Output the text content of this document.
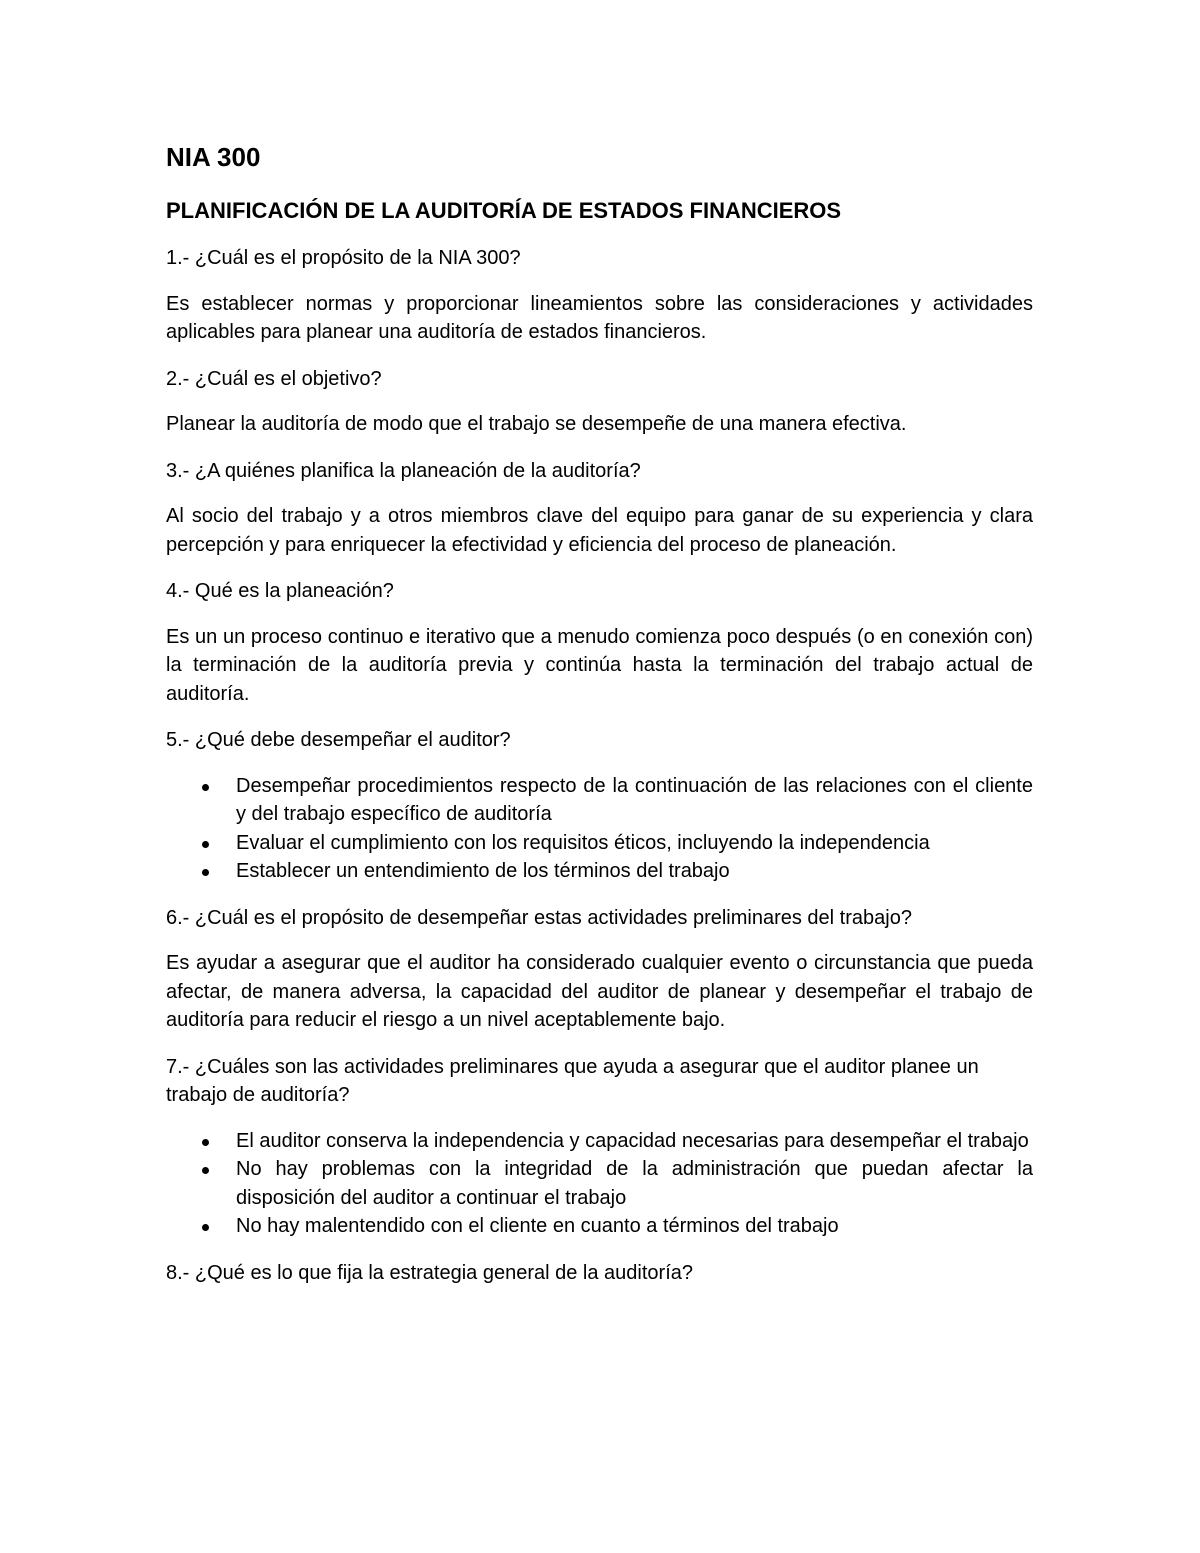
NIA 300
PLANIFICACIÓN DE LA AUDITORÍA DE ESTADOS FINANCIEROS

1.- ¿Cuál es el propósito de la NIA 300?

Es establecer normas y proporcionar lineamientos sobre las consideraciones y actividades aplicables para planear una auditoría de estados financieros.

2.- ¿Cuál es el objetivo?

Planear la auditoría de modo que el trabajo se desempeñe de una manera efectiva.

3.- ¿A quiénes planifica la planeación de la auditoría?

Al socio del trabajo y a otros miembros clave del equipo para ganar de su experiencia y clara percepción y para enriquecer la efectividad y eficiencia del proceso de planeación.

4.- Qué es la planeación?

Es un un proceso continuo e iterativo que a menudo comienza poco después (o en conexión con) la terminación de la auditoría previa y continúa hasta la terminación del trabajo actual de auditoría.

5.- ¿Qué debe desempeñar el auditor?

Desempeñar procedimientos respecto de la continuación de las relaciones con el cliente y del trabajo específico de auditoría
Evaluar el cumplimiento con los requisitos éticos, incluyendo la independencia
Establecer un entendimiento de los términos del trabajo

6.- ¿Cuál es el propósito de desempeñar estas actividades preliminares del trabajo?

Es ayudar a asegurar que el auditor ha considerado cualquier evento o circunstancia que pueda afectar, de manera adversa, la capacidad del auditor de planear y desempeñar el trabajo de auditoría para reducir el riesgo a un nivel aceptablemente bajo.

7.- ¿Cuáles son las actividades preliminares que ayuda a asegurar que el auditor planee un trabajo de auditoría?

El auditor conserva la independencia y capacidad necesarias para desempeñar el trabajo
No hay problemas con la integridad de la administración que puedan afectar la disposición del auditor a continuar el trabajo
No hay malentendido con el cliente en cuanto a términos del trabajo

8.- ¿Qué es lo que fija la estrategia general de la auditoría?
